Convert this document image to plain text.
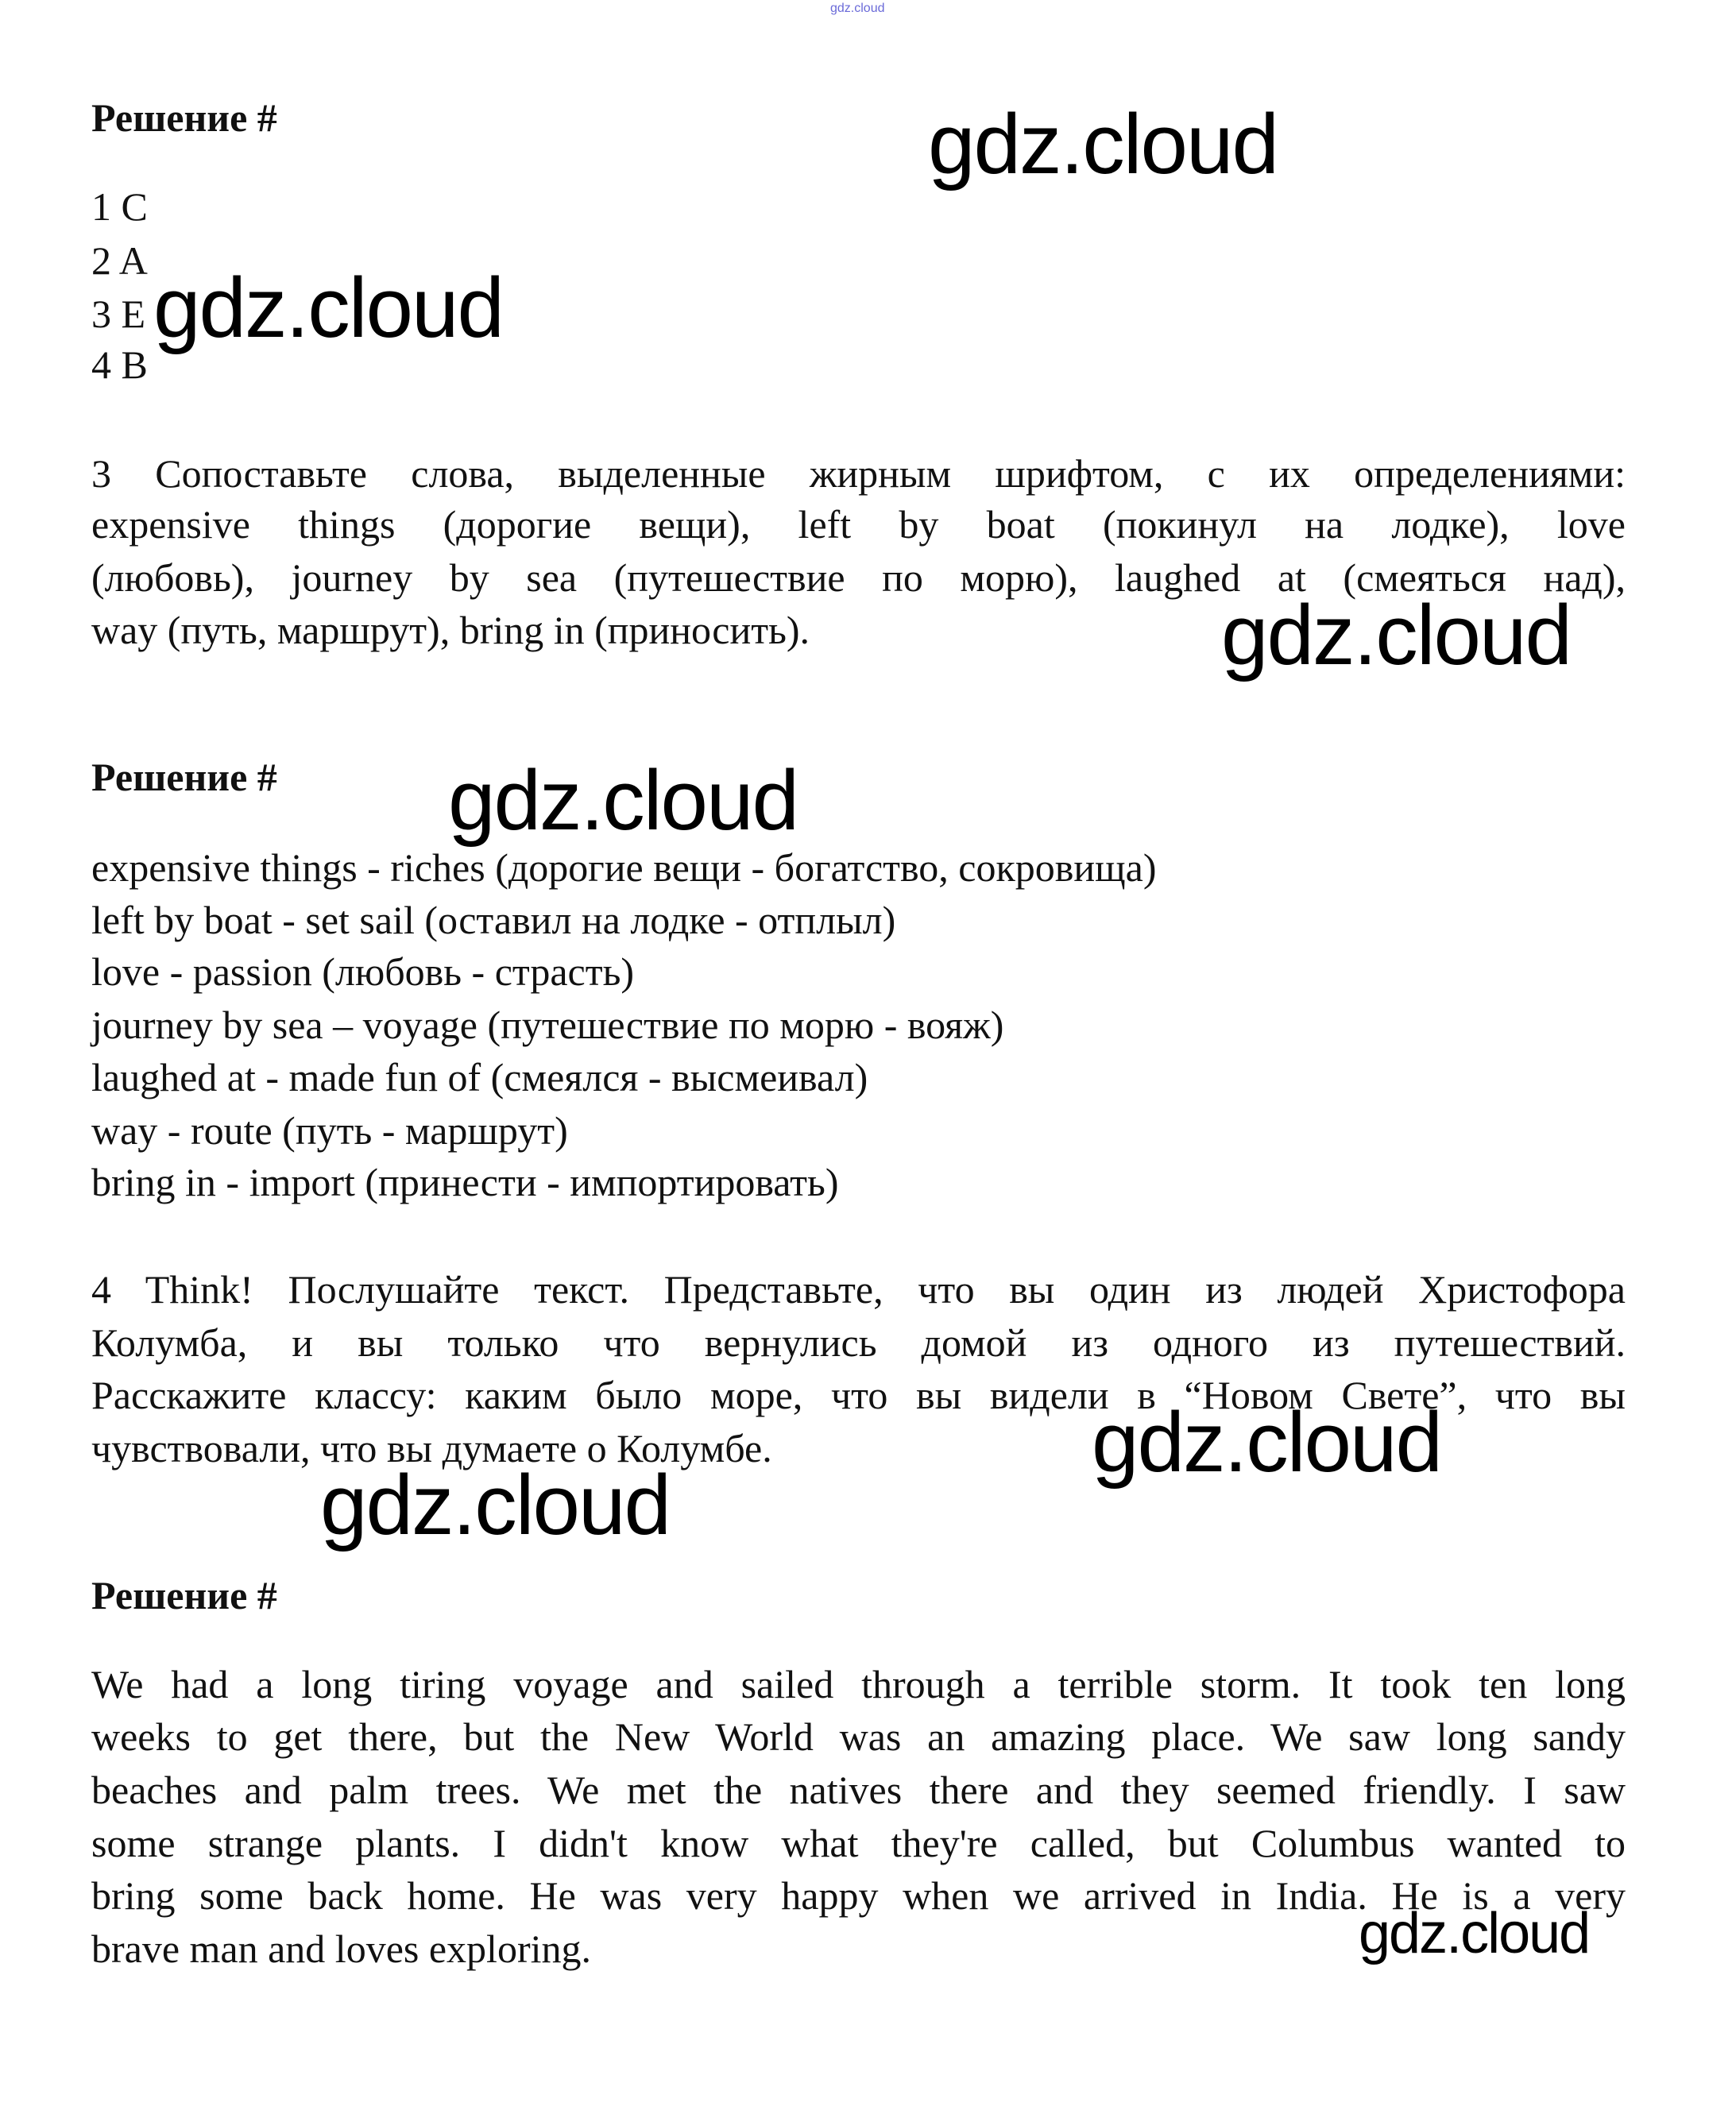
gdz.cloud
Решение #
1 C
2 A
3 E
4 B
3 Сопоставьте слова, выделенные жирным шрифтом, с их определениями:
expensive things (дорогие вещи), left by boat (покинул на лодке), love
(любовь), journey by sea (путешествие по морю), laughed at (смеяться над),
way (путь, маршрут), bring in (приносить).
Решение #
expensive things - riches (дорогие вещи - богатство, сокровища)
left by boat - set sail (оставил на лодке - отплыл)
love - passion (любовь - страсть)
journey by sea – voyage (путешествие по морю - вояж)
laughed at - made fun of (смеялся - высмеивал)
way - route (путь - маршрут)
bring in - import (принести - импортировать)
4 Think! Послушайте текст. Представьте, что вы один из людей Христофора
Колумба, и вы только что вернулись домой из одного из путешествий.
Расскажите классу: каким было море, что вы видели в “Новом Свете”, что вы
чувствовали, что вы думаете о Колумбе.
Решение #
We had a long tiring voyage and sailed through a terrible storm. It took ten long
weeks to get there, but the New World was an amazing place. We saw long sandy
beaches and palm trees. We met the natives there and they seemed friendly. I saw
some strange plants. I didn't know what they're called, but Columbus wanted to
bring some back home. He was very happy when we arrived in India. He is a very
brave man and loves exploring.
gdz.cloud
gdz.cloud
gdz.cloud
gdz.cloud
gdz.cloud
gdz.cloud
gdz.cloud
